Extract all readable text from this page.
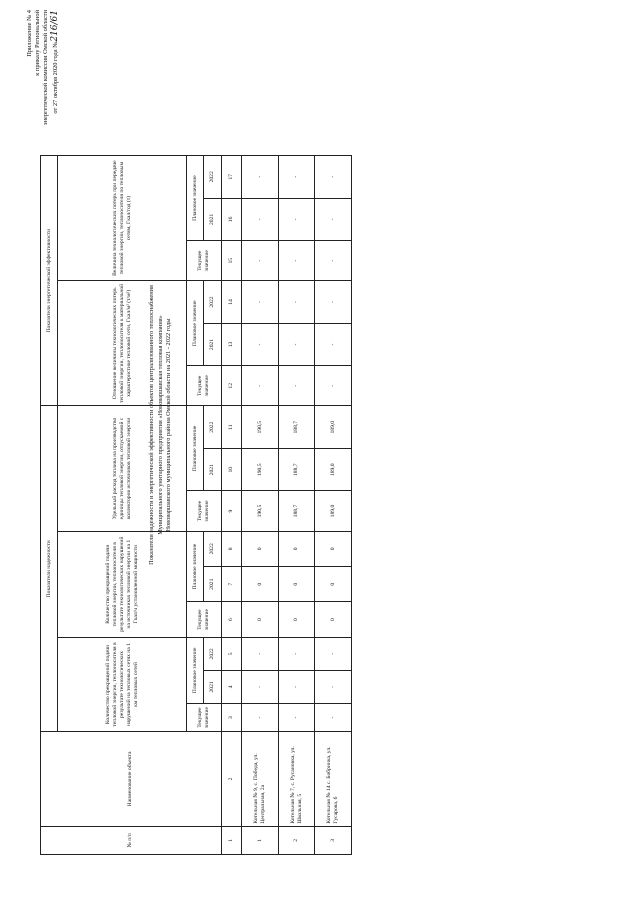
Приложение № 4 к приказу Региональной энергетической комиссии Омской области от 27 октября 2020 года №216/61
Показатели надежности и энергетической эффективности объектов централизованного теплоснабжения Муниципального унитарного предприятия «Нововаршавская тепловая компания» Нововаршавского муниципального района Омской области на 2021 - 2022 годы
№ п/п	Наименование объекта	Показатели надежности									Показатели энергетической эффективности					
		Количество прекращений подачи тепловой энергии, теплоносителя в результате технологических нарушений на тепловых сетях на 1 км тепловых сетей			Количество прекращений подачи тепловой энергии, теплоносителя в результате технологических нарушений на источниках тепловой энергии на 1 Гкал/ч установленной мощности			Удельный расход топлива на производство единицы тепловой энергии, отпускаемой с коллекторов источников тепловой энергии			Отношение величины технологических потерь тепловой энергии, теплоносителя к материальной характеристике тепловой сети, Гкал/м² (т/м²)			Величина технологических потерь при передаче тепловой энергии, теплоносителя по тепловым сетям, Гкал/год (т)		
		Текущее значение	Плановое значение		Текущее значение	Плановое значение		Текущее значение	Плановое значение		Текущее значение	Плановое значение		Текущее значение	Плановое значение	
			2021	2022		2021	2022		2021	2022		2021	2022		2021	2022
1	2	3	4	5	6	7	8	9	10	11	12	13	14	15	16	17
1	Котельная № 9, с. Победа, ул. Центральная, 2а	-	-	-	0	0	0	190,5	190,5	190,5	-	-	-	-	-	-
2	Котельная № 7, с. Русановка, ул. Школьная, 5	-	-	-	0	0	0	188,7	188,7	188,7	-	-	-	-	-	-
3	Котельная № 14 с. Бобринка, ул. Гусарова, 6	-	-	-	0	0	0	189,0	189,0	189,0	-	-	-	-	-	-
